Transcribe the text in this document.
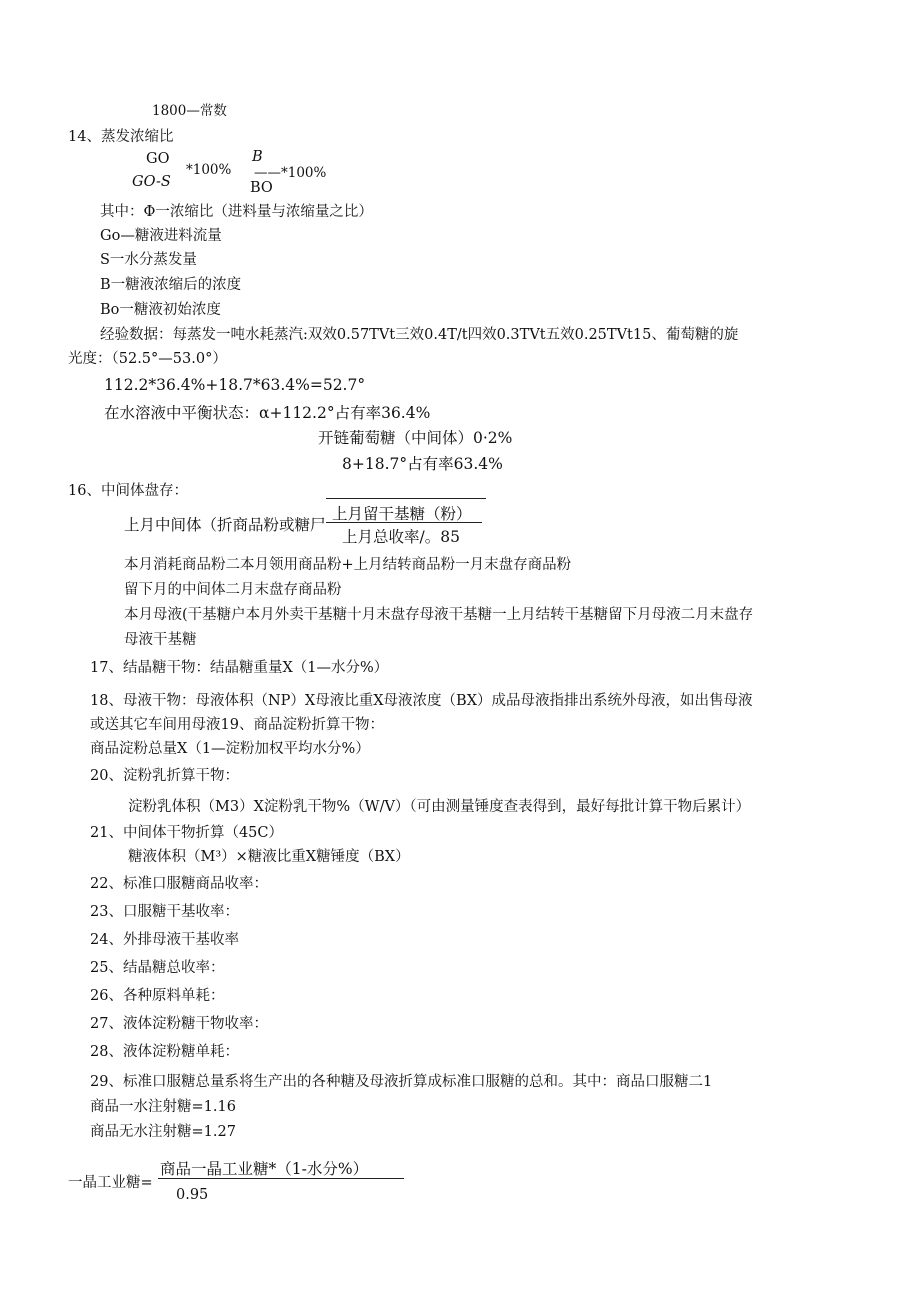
1800—常数
14、蒸发浓缩比
GO
GO-S
*100%
B
BO
——*100%
其中：Φ一浓缩比（进料量与浓缩量之比）
Go—糖液进料流量
S一水分蒸发量
B一糖液浓缩后的浓度
Bo一糖液初始浓度
经验数据：每蒸发一吨水耗蒸汽:双效0.57TVt三效0.4T/t四效0.3TVt五效0.25TVt15、葡萄糖的旋
光度：（52.5°—53.0°）
112.2*36.4%+18.7*63.4%=52.7°
在水溶液中平衡状态：α+112.2°占有率36.4%
开链葡萄糖（中间体）0·2%
8+18.7°占有率63.4%
16、中间体盘存：
上月中间体（折商品粉或糖尸
上月留干基糖（粉）
上月总收率/。85
本月消耗商品粉二本月领用商品粉+上月结转商品粉一月末盘存商品粉
留下月的中间体二月末盘存商品粉
本月母液(干基糖户本月外卖干基糖十月末盘存母液干基糖一上月结转干基糖留下月母液二月末盘存
母液干基糖
17、结晶糖干物：结晶糖重量X（1—水分%）
18、母液干物：母液体积（NP）X母液比重X母液浓度（BX）成品母液指排出系统外母液，如出售母液
或送其它车间用母液19、商品淀粉折算干物：
商品淀粉总量X（1—淀粉加权平均水分%）
20、淀粉乳折算干物：
淀粉乳体积（M3）X淀粉乳干物%（W/V）（可由测量锤度查表得到，最好每批计算干物后累计）
21、中间体干物折算（45C）
糖液体积（M³）×糖液比重X糖锤度（BX）
22、标准口服糖商品收率：
23、口服糖干基收率：
24、外排母液干基收率
25、结晶糖总收率：
26、各种原料单耗：
27、液体淀粉糖干物收率：
28、液体淀粉糖单耗：
29、标准口服糖总量系将生产出的各种糖及母液折算成标准口服糖的总和。其中：商品口服糖二1
商品一水注射糖=1.16
商品无水注射糖=1.27
一晶工业糖=
商品一晶工业糖*（1-水分%）
0.95
